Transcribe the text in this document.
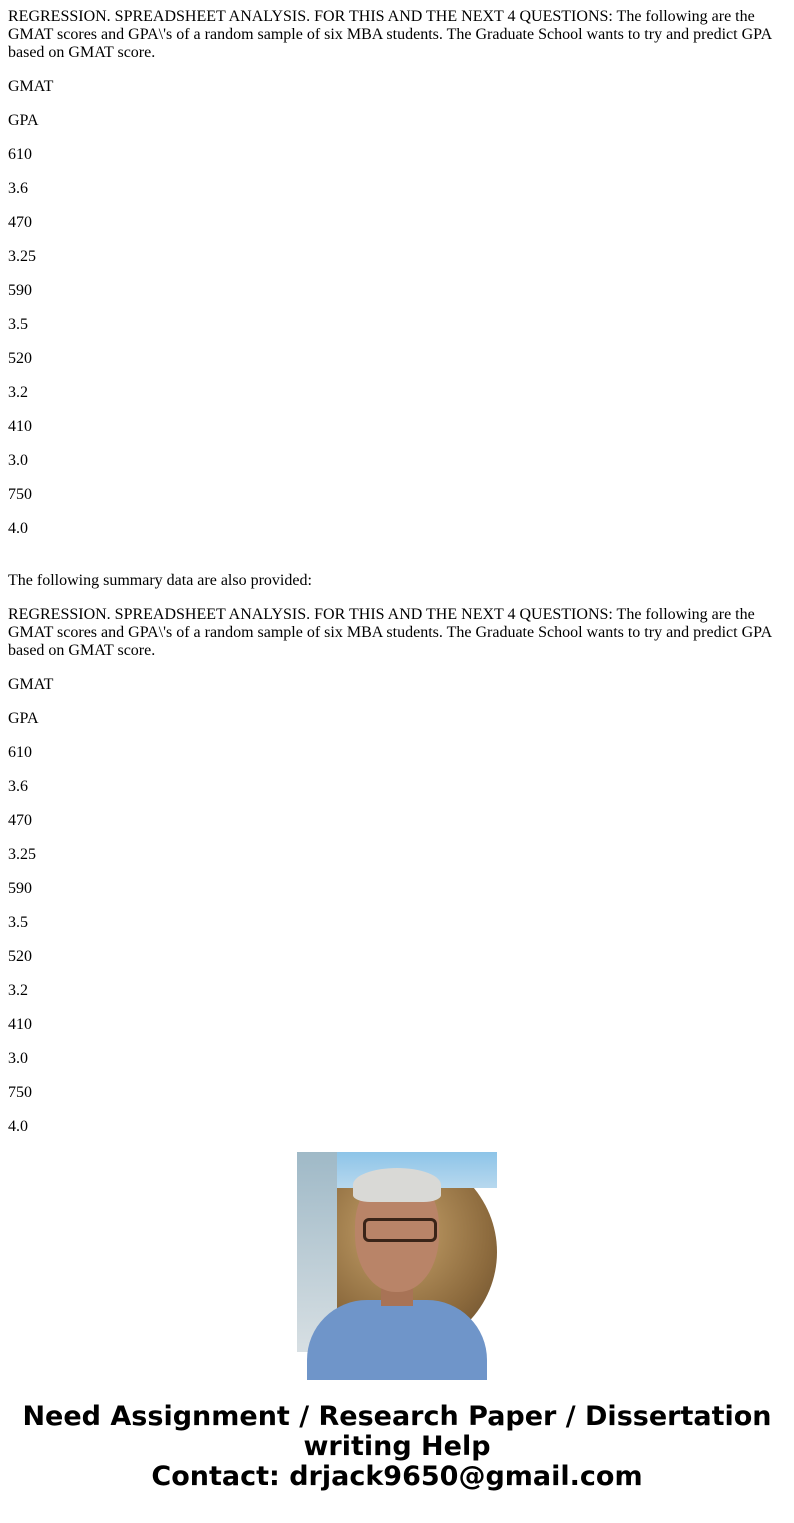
REGRESSION. SPREADSHEET ANALYSIS. FOR THIS AND THE NEXT 4 QUESTIONS: The following are the GMAT scores and GPA\'s of a random sample of six MBA students. The Graduate School wants to try and predict GPA based on GMAT score.

GMAT

GPA

610

3.6

470

3.25

590

3.5

520

3.2

410

3.0

750

4.0

The following summary data are also provided:

REGRESSION. SPREADSHEET ANALYSIS. FOR THIS AND THE NEXT 4 QUESTIONS: The following are the GMAT scores and GPA\'s of a random sample of six MBA students. The Graduate School wants to try and predict GPA based on GMAT score.

GMAT

GPA

610

3.6

470

3.25

590

3.5

520

3.2

410

3.0

750

4.0

Need Assignment / Research Paper / Dissertation
writing Help
Contact: drjack9650@gmail.com
